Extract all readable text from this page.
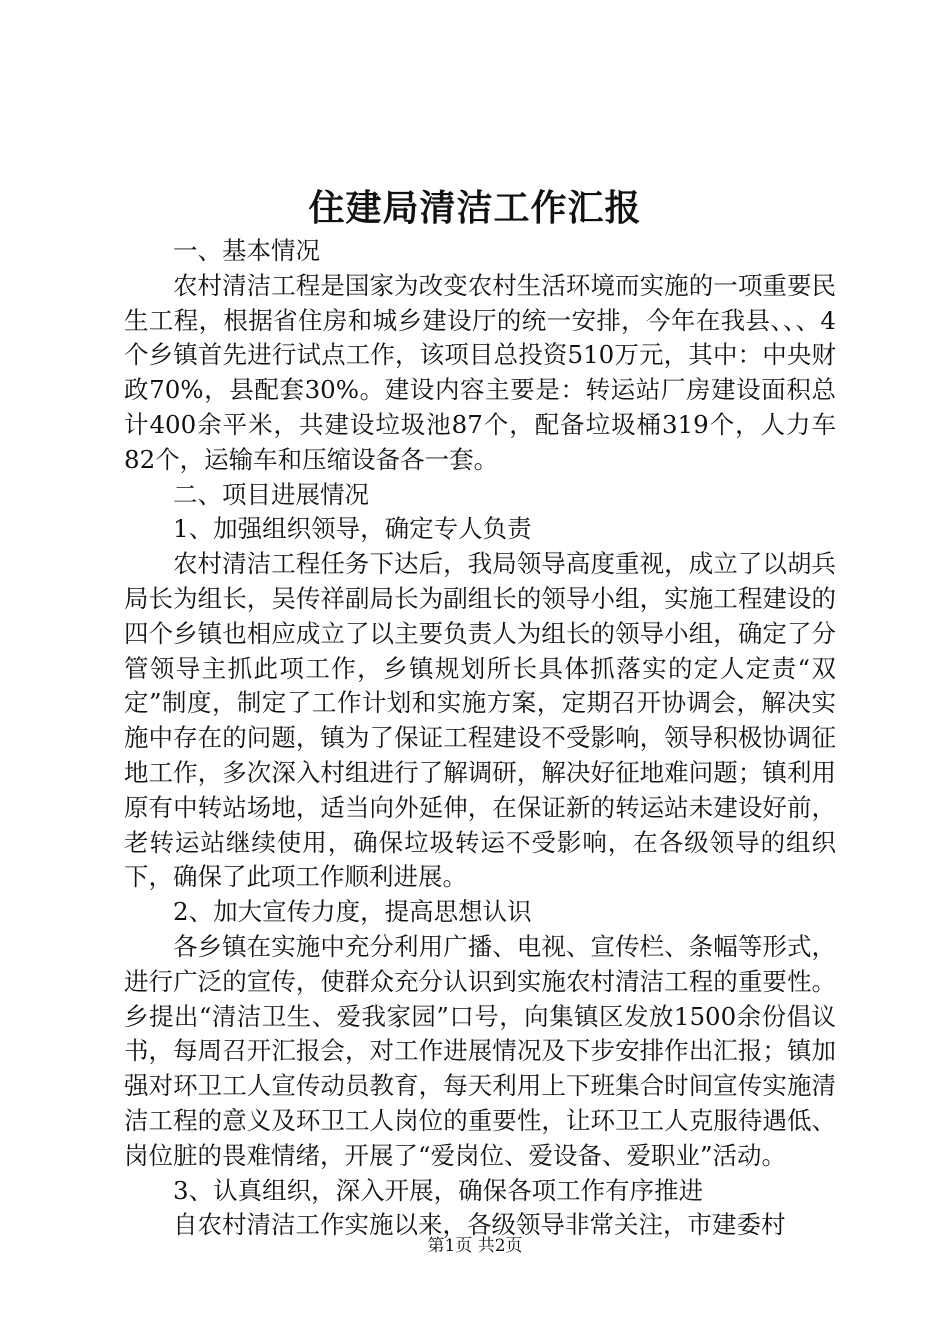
住建局清洁工作汇报

一、基本情况

农村清洁工程是国家为改变农村生活环境而实施的一项重要民生工程，根据省住房和城乡建设厅的统一安排，今年在我县、、、4个乡镇首先进行试点工作，该项目总投资510万元，其中：中央财政70%，县配套30%。建设内容主要是：转运站厂房建设面积总计400余平米，共建设垃圾池87个，配备垃圾桶319个，人力车82个，运输车和压缩设备各一套。

二、项目进展情况

1、加强组织领导，确定专人负责

农村清洁工程任务下达后，我局领导高度重视，成立了以胡兵局长为组长，吴传祥副局长为副组长的领导小组，实施工程建设的四个乡镇也相应成立了以主要负责人为组长的领导小组，确定了分管领导主抓此项工作，乡镇规划所长具体抓落实的定人定责“双定”制度，制定了工作计划和实施方案，定期召开协调会，解决实施中存在的问题，镇为了保证工程建设不受影响，领导积极协调征地工作，多次深入村组进行了解调研，解决好征地难问题；镇利用原有中转站场地，适当向外延伸，在保证新的转运站未建设好前，老转运站继续使用，确保垃圾转运不受影响，在各级领导的组织下，确保了此项工作顺利进展。

2、加大宣传力度，提高思想认识

各乡镇在实施中充分利用广播、电视、宣传栏、条幅等形式，进行广泛的宣传，使群众充分认识到实施农村清洁工程的重要性。乡提出“清洁卫生、爱我家园”口号，向集镇区发放1500余份倡议书，每周召开汇报会，对工作进展情况及下步安排作出汇报；镇加强对环卫工人宣传动员教育，每天利用上下班集合时间宣传实施清洁工程的意义及环卫工人岗位的重要性，让环卫工人克服待遇低、岗位脏的畏难情绪，开展了“爱岗位、爱设备、爱职业”活动。

3、认真组织，深入开展，确保各项工作有序推进

自农村清洁工作实施以来，各级领导非常关注，市建委村

第1页 共2页
